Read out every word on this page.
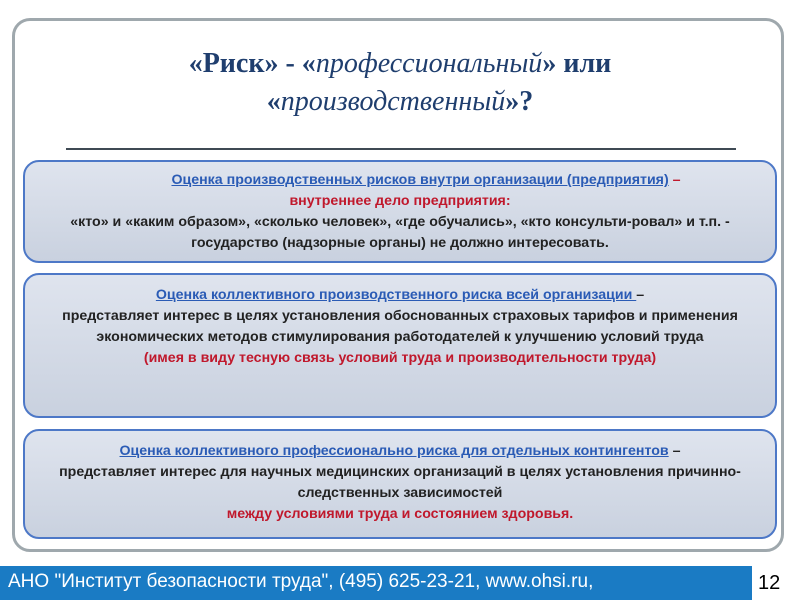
«Риск» - «профессиональный» или
«производственный»?
Оценка производственных рисков внутри организации (предприятия) –
внутреннее дело предприятия:
«кто» и «каким образом», «сколько человек», «где обучались», «кто консульти-ровал» и т.п. - государство (надзорные органы) не должно интересовать.
Оценка коллективного производственного риска всей организации –
представляет интерес в целях установления обоснованных страховых тарифов и применения экономических методов стимулирования работодателей к улучшению условий труда
(имея в виду тесную связь условий труда и производительности труда)
Оценка коллективного профессионально риска для отдельных контингентов –
представляет интерес для научных медицинских организаций в целях установления причинно-следственных зависимостей
между условиями труда и состоянием здоровья.
АНО "Институт безопасности труда", (495) 625-23-21, www.ohsi.ru,	12
